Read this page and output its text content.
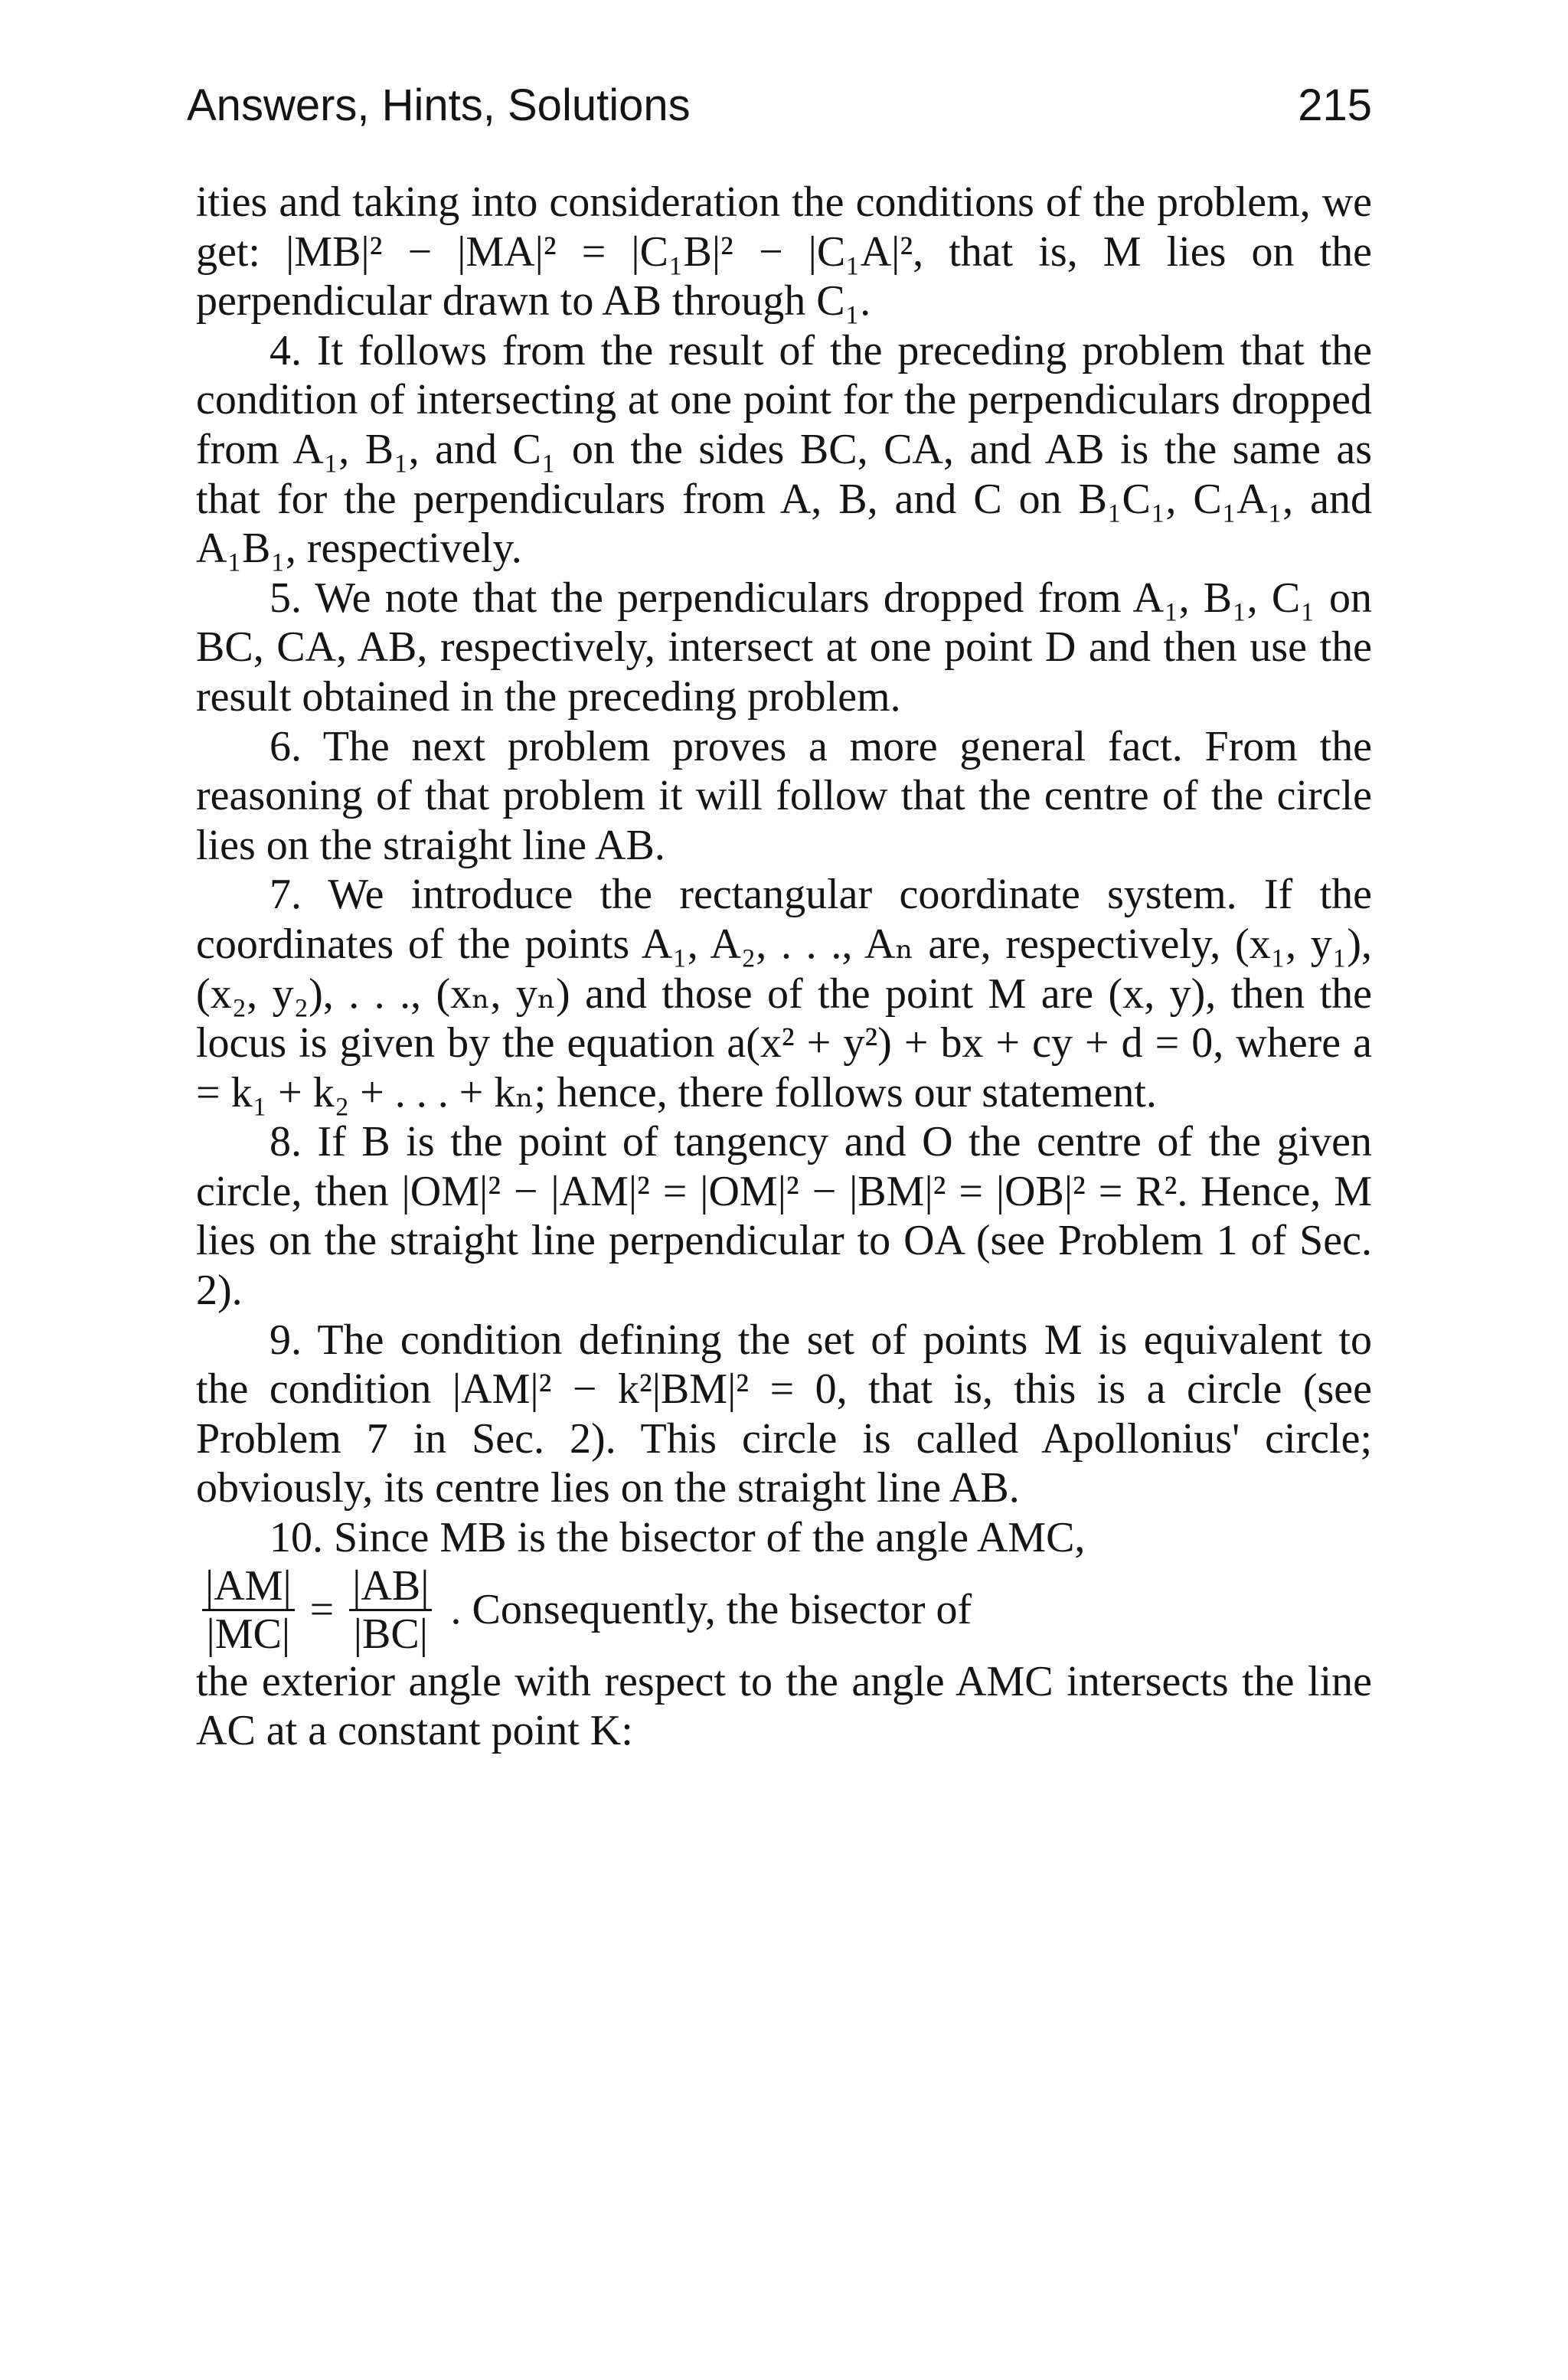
Answers, Hints, Solutions	215

ities and taking into consideration the conditions of the problem, we get: |MB|² − |MA|² = |C₁B|² − |C₁A|², that is, M lies on the perpendicular drawn to AB through C₁.

4. It follows from the result of the preceding problem that the condition of intersecting at one point for the perpendiculars dropped from A₁, B₁, and C₁ on the sides BC, CA, and AB is the same as that for the perpendiculars from A, B, and C on B₁C₁, C₁A₁, and A₁B₁, respectively.

5. We note that the perpendiculars dropped from A₁, B₁, C₁ on BC, CA, AB, respectively, intersect at one point D and then use the result obtained in the preceding problem.

6. The next problem proves a more general fact. From the reasoning of that problem it will follow that the centre of the circle lies on the straight line AB.

7. We introduce the rectangular coordinate system. If the coordinates of the points A₁, A₂, . . ., Aₙ are, respectively, (x₁, y₁), (x₂, y₂), . . ., (xₙ, yₙ) and those of the point M are (x, y), then the locus is given by the equation a(x² + y²) + bx + cy + d = 0, where a = k₁ + k₂ + . . . + kₙ; hence, there follows our statement.

8. If B is the point of tangency and O the centre of the given circle, then |OM|² − |AM|² = |OM|² − |BM|² = |OB|² = R². Hence, M lies on the straight line perpendicular to OA (see Problem 1 of Sec. 2).

9. The condition defining the set of points M is equivalent to the condition |AM|² − k²|BM|² = 0, that is, this is a circle (see Problem 7 in Sec. 2). This circle is called Apollonius' circle; obviously, its centre lies on the straight line AB.

10. Since MB is the bisector of the angle AMC,

$\frac{|AM|}{|MC|} = \frac{|AB|}{|BC|}$ . Consequently, the bisector of

the exterior angle with respect to the angle AMC intersects the line AC at a constant point K:
